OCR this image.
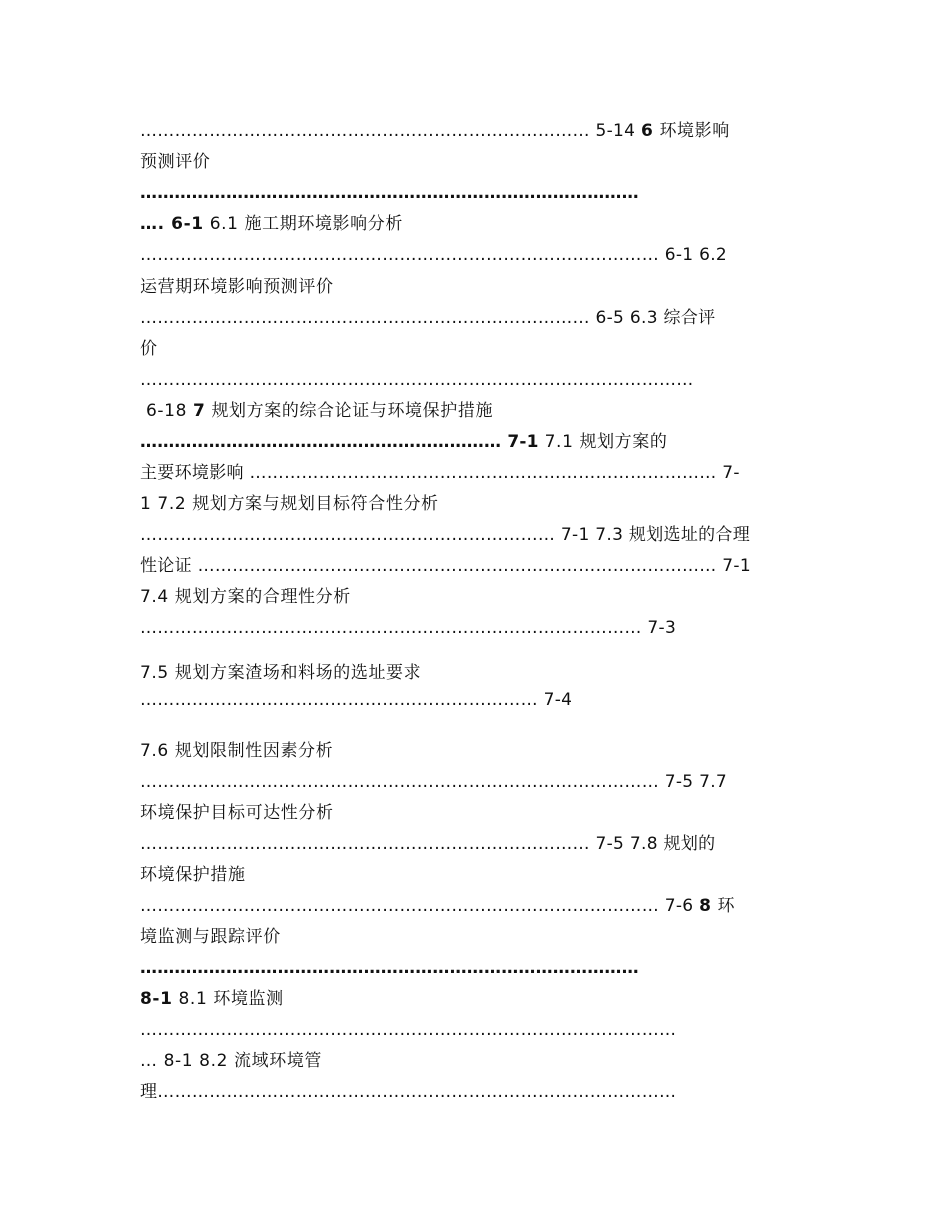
…………………………………………………………………… 5-14 6 环境影响
预测评价
……………………………………………………………………………
…. 6-1 6.1 施工期环境影响分析
……………………………………………………………………………… 6-1 6.2
运营期环境影响预测评价
…………………………………………………………………… 6-5 6.3 综合评
价
……………………………………………………………………………………
6-18 7 规划方案的综合论证与环境保护措施
……………………………………………………… 7-1 7.1 规划方案的
主要环境影响 ……………………………………………………………………… 7-
1 7.2 规划方案与规划目标符合性分析
……………………………………………………………… 7-1 7.3 规划选址的合理
性论证 ……………………………………………………………………………… 7-1
7.4 规划方案的合理性分析
…………………………………………………………………………… 7-3
7.5 规划方案渣场和料场的选址要求
…………………………………………………………… 7-4
7.6 规划限制性因素分析
……………………………………………………………………………… 7-5 7.7
环境保护目标可达性分析
…………………………………………………………………… 7-5 7.8 规划的
环境保护措施
……………………………………………………………………………… 7-6 8 环
境监测与跟踪评价
……………………………………………………………………………
8-1 8.1 环境监测
…………………………………………………………………………………
… 8-1 8.2 流域环境管
理………………………………………………………………………………
